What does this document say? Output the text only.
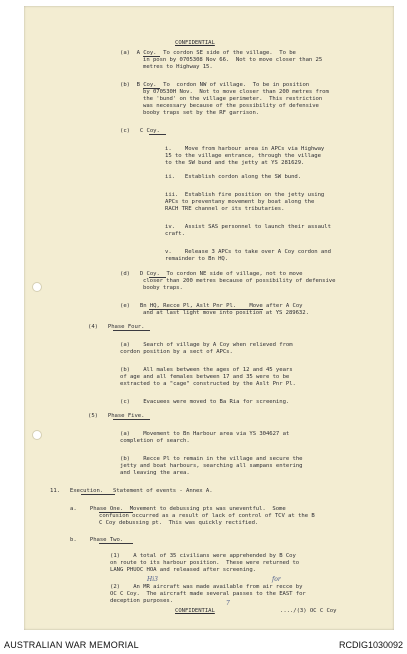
CONFIDENTIAL
CONFIDENTIAL
(a)  A Coy.  To cordon SE side of the village.  To be
in posn by 0705308 Nov 66.  Not to move closer than 25
metres to Highway 15.
(b)  B Coy.  To  cordon NW of village.  To be in position
by 070530H Nov.  Not to move closer than 200 metres from
the 'bund' on the village perimeter.  This restriction
was necessary because of the possibility of defensive
booby traps set by the RF garrison.
(c)   C Coy.
i.    Move from harbour area in APCs via Highway
15 to the village entrance, through the village
to the SW bund and the jetty at YS 281629.
ii.   Establish cordon along the SW bund.
iii.  Establish fire position on the jetty using
APCs to preventany movement by boat along the
RACH TRE channel or its tributaries.
iv.   Assist SAS personnel to launch their assault
craft.
v.    Release 3 APCs to take over A Coy cordon and
remainder to Bn HQ.
(d)   D Coy.  To cordon NE side of village, not to move
closer than 200 metres because of possibility of defensive
booby traps.
(e)   Bn HQ, Recce Pl, Aslt Pnr Pl.    Move after A Coy
and at last light move into position at YS 289632.
(4)   Phase Four.
(a)    Search of village by A Coy when relieved from
cordon position by a sect of APCs.
(b)    All males between the ages of 12 and 45 years
of age and all females between 17 and 35 were to be
extracted to a "cage" constructed by the Aslt Pnr Pl.
(c)    Evacuees were moved to Ba Ria for screening.
(5)   Phase Five.
(a)    Movement to Bn Harbour area via YS 304627 at
completion of search.
(b)    Recce Pl to remain in the village and secure the
jetty and boat harbours, searching all sampans entering
and leaving the area.
11.   Execution.   Statement of events - Annex A.
a.    Phase One.  Movement to debussing pts was uneventful.  Some
confusion occurred as a result of lack of control of TCV at the B
C Coy debussing pt.  This was quickly rectified.
b.    Phase Two.
(1)    A total of 35 civilians were apprehended by B Coy
on route to its harbour position.  These were returned to
LANG PHUOC HOA and released after screening.
(2)    An MR aircraft was made available from air recce by
OC C Coy.  The aircraft made several passes to the EAST for
deception purposes.
..../(3) OC C Coy
Hi3	for
7
AUSTRALIAN WAR MEMORIAL	RCDIG1030092
